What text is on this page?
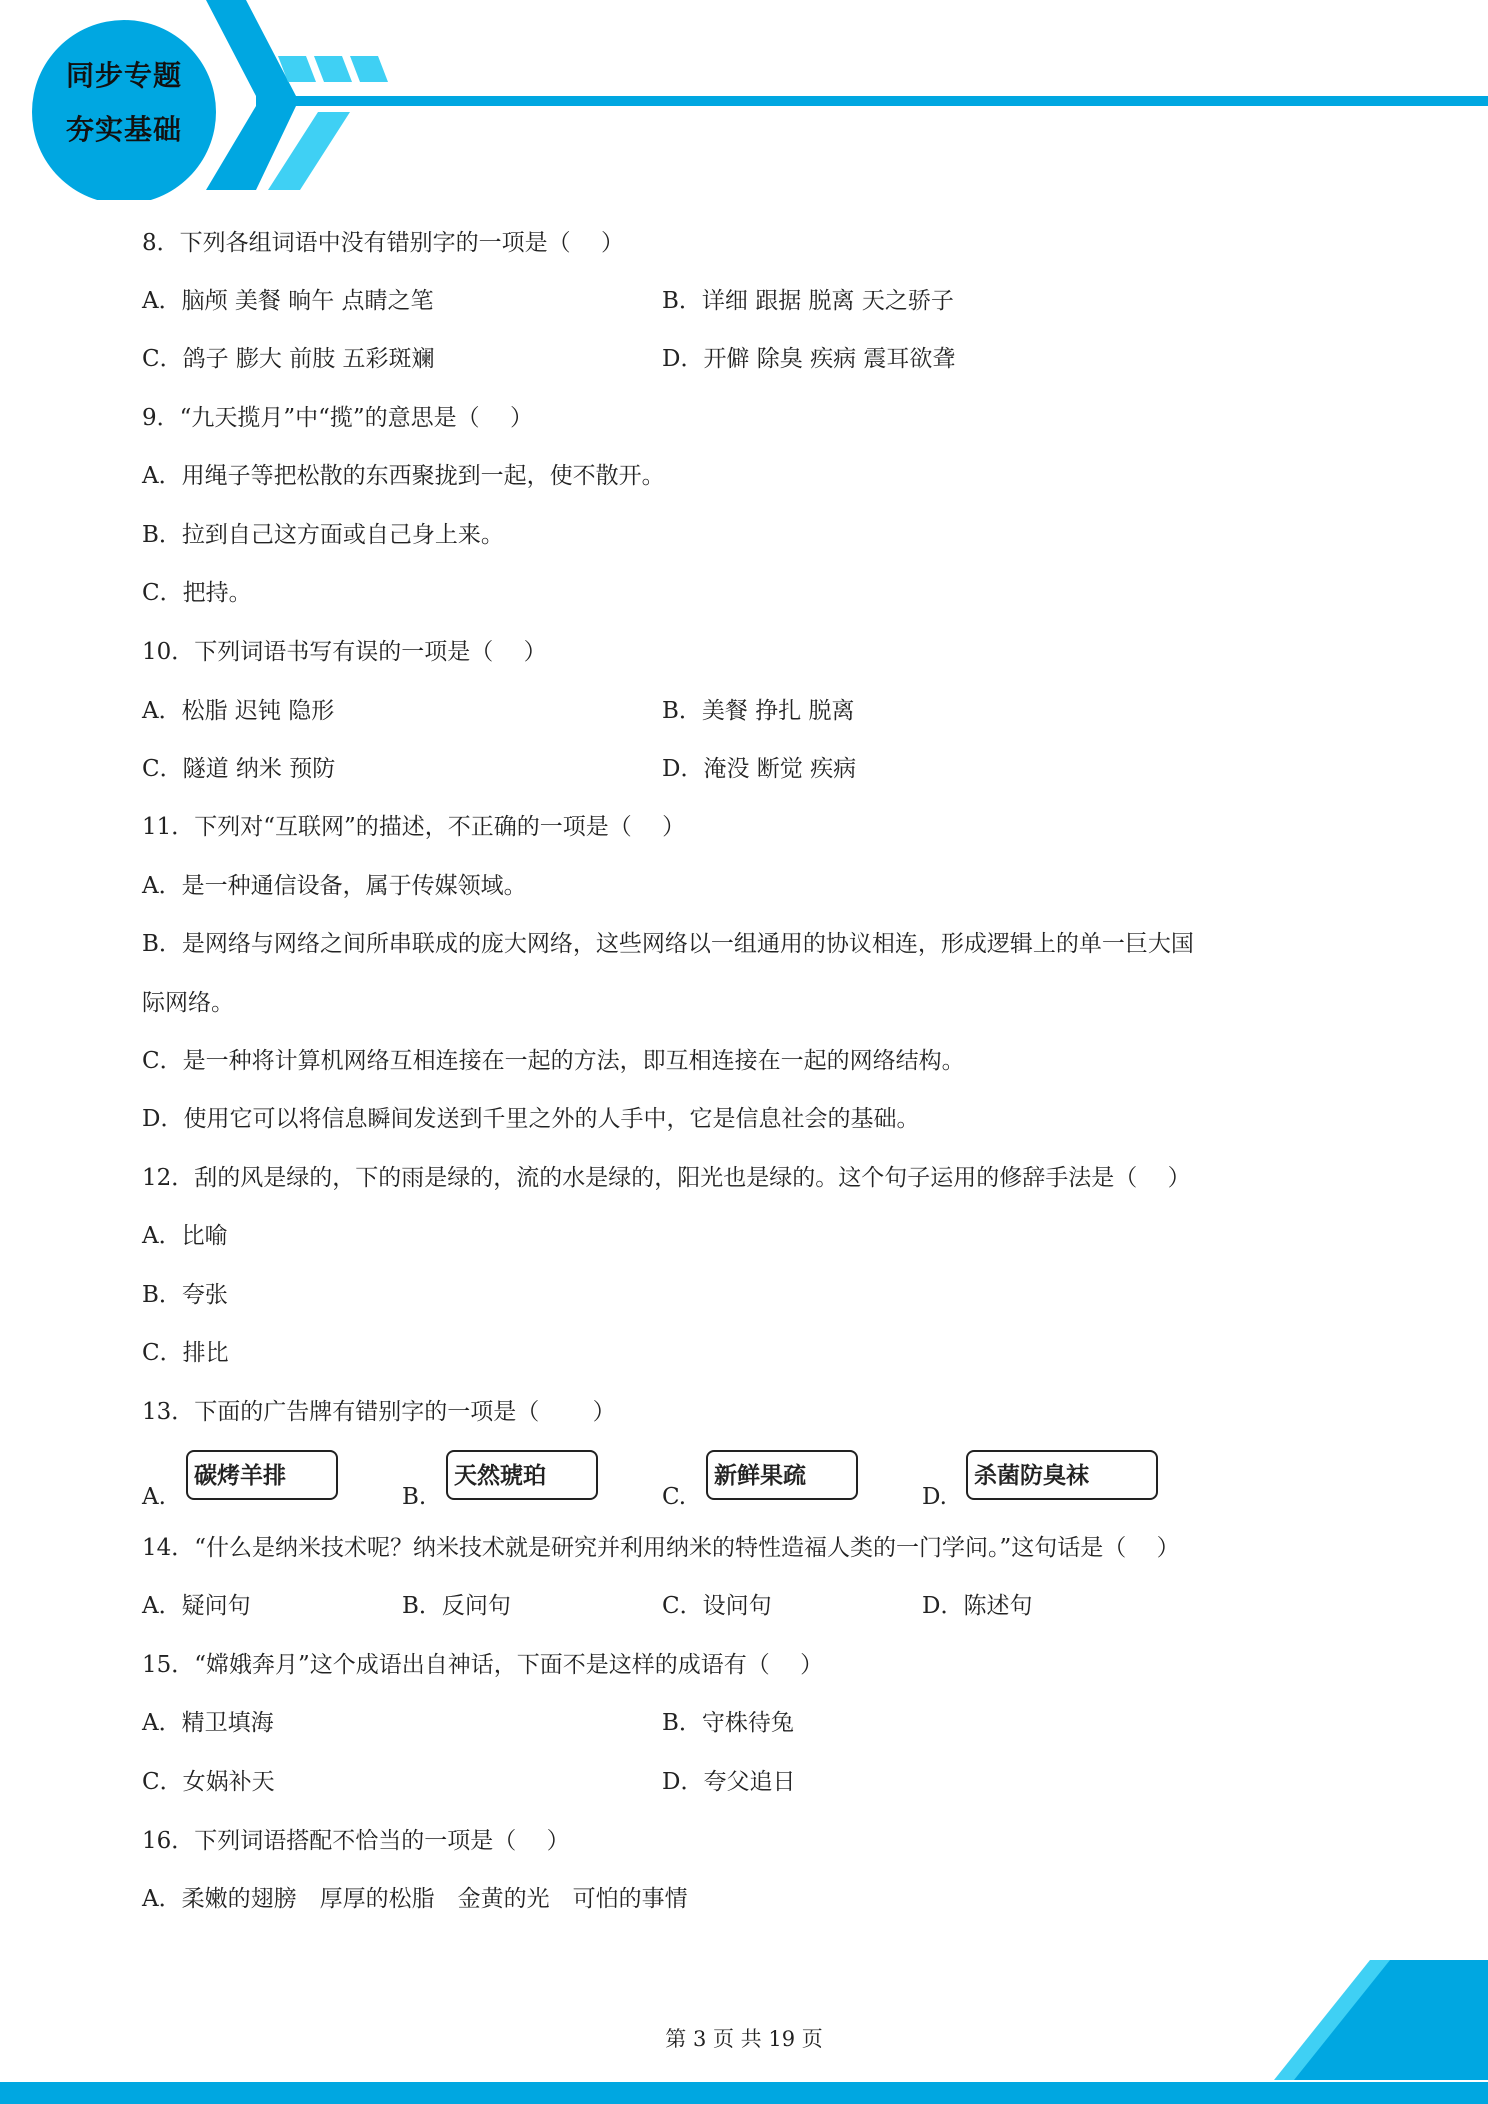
同步专题
夯实基础
8．下列各组词语中没有错别字的一项是（　 ）
A．脑颅 美餐 晌午 点睛之笔	B．详细 跟据 脱离 天之骄子
C．鸽子 膨大 前肢 五彩斑斓	D．开僻 除臭 疾病 震耳欲聋
9．“九天揽月”中“揽”的意思是（　 ）
A．用绳子等把松散的东西聚拢到一起，使不散开。
B．拉到自己这方面或自己身上来。
C．把持。
10．下列词语书写有误的一项是（　 ）
A．松脂 迟钝 隐形	B．美餐 挣扎 脱离
C．隧道 纳米 预防	D．淹没 断觉 疾病
11．下列对“互联网”的描述，不正确的一项是（　 ）
A．是一种通信设备，属于传媒领域。
B．是网络与网络之间所串联成的庞大网络，这些网络以一组通用的协议相连，形成逻辑上的单一巨大国
际网络。
C．是一种将计算机网络互相连接在一起的方法，即互相连接在一起的网络结构。
D．使用它可以将信息瞬间发送到千里之外的人手中，它是信息社会的基础。
12．刮的风是绿的，下的雨是绿的，流的水是绿的，阳光也是绿的。这个句子运用的修辞手法是（　 ）
A．比喻
B．夸张
C．排比
13．下面的广告牌有错别字的一项是（　　 ）
A.
碳烤羊排
B.
天然琥珀
C.
新鲜果疏
D.
杀菌防臭袜
14．“什么是纳米技术呢？纳米技术就是研究并利用纳米的特性造福人类的一门学问。”这句话是（　 ）
A．疑问句	B．反问句	C．设问句	D．陈述句
15．“嫦娥奔月”这个成语出自神话，下面不是这样的成语有（　 ）
A．精卫填海	B．守株待兔
C．女娲补天	D．夸父追日
16．下列词语搭配不恰当的一项是（　 ）
A．柔嫩的翅膀　厚厚的松脂　金黄的光　可怕的事情
第 3 页 共 19 页
